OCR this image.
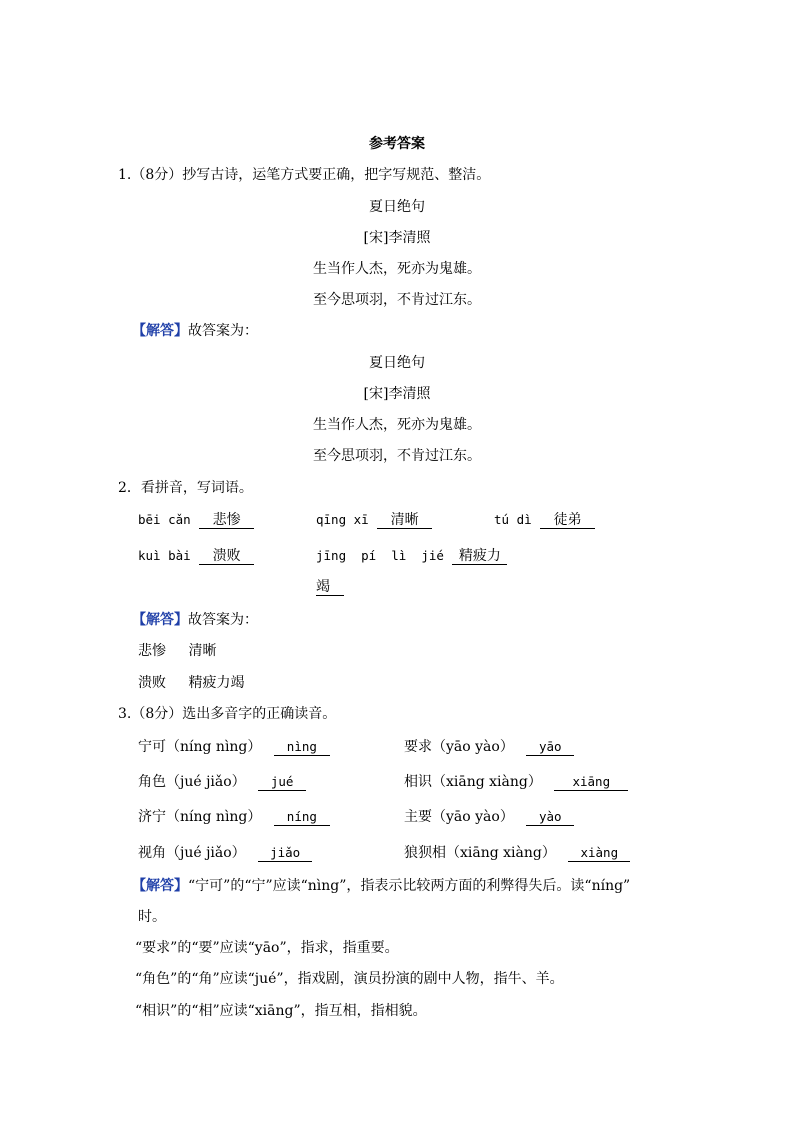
参考答案
1.（8分）抄写古诗，运笔方式要正确，把字写规范、整洁。
夏日绝句
[宋]李清照
生当作人杰，死亦为鬼雄。
至今思项羽，不肯过江东。
【解答】故答案为：
夏日绝句
[宋]李清照
生当作人杰，死亦为鬼雄。
至今思项羽，不肯过江东。
2．看拼音，写词语。
bēi cǎn 悲惨	qīng xī 清晰	tú dì 徒弟
kuì bài 溃败	jīng  pí  lì  jié 精疲力
竭
【解答】故答案为：
悲惨 清晰
溃败 精疲力竭
3.（8分）选出多音字的正确读音。
宁可（níng nìng） nìng	要求（yāo yào） yāo
角色（jué jiǎo） jué	相识（xiāng xiàng） xiāng
济宁（níng nìng） níng	主要（yāo yào） yào
视角（jué jiǎo） jiǎo	狼狈相（xiāng xiàng） xiàng
【解答】“宁可”的“宁”应读“nìng”，指表示比较两方面的利弊得失后。读“níng”
时。
“要求”的“要”应读“yāo”，指求，指重要。
“角色”的“角”应读“jué”，指戏剧，演员扮演的剧中人物，指牛、羊。
“相识”的“相”应读“xiāng”，指互相，指相貌。
